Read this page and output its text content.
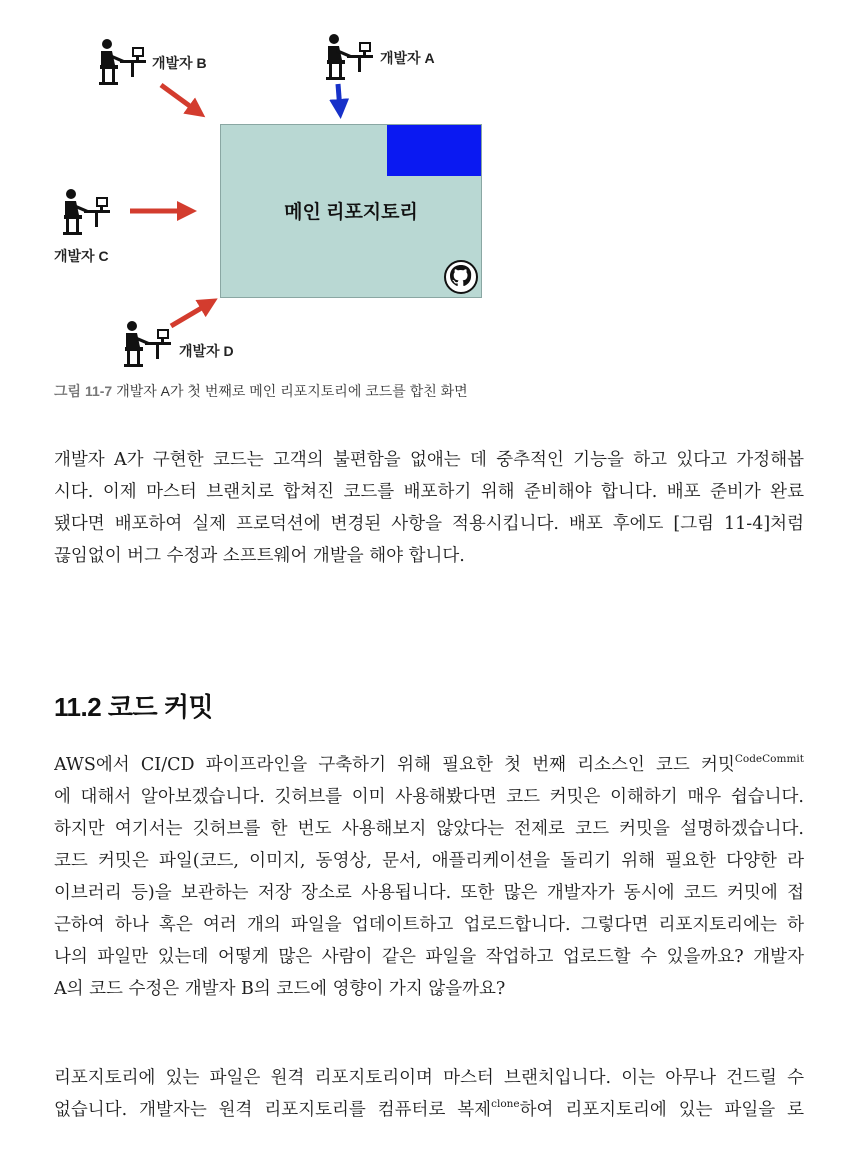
개발자 B	개발자 A
개발자 C
개발자 D
메인 리포지토리
그림 11-7 개발자 A가 첫 번째로 메인 리포지토리에 코드를 합친 화면
개발자 A가 구현한 코드는 고객의 불편함을 없애는 데 중추적인 기능을 하고 있다고 가정해봅
시다. 이제 마스터 브랜치로 합쳐진 코드를 배포하기 위해 준비해야 합니다. 배포 준비가 완료
됐다면 배포하여 실제 프로덕션에 변경된 사항을 적용시킵니다. 배포 후에도 [그림 11-4]처럼
끊임없이 버그 수정과 소프트웨어 개발을 해야 합니다.
11.2 코드 커밋
AWS에서 CI/CD 파이프라인을 구축하기 위해 필요한 첫 번째 리소스인 코드 커밋$^{CodeCommit}$
에 대해서 알아보겠습니다. 깃허브를 이미 사용해봤다면 코드 커밋은 이해하기 매우 쉽습니다.
하지만 여기서는 깃허브를 한 번도 사용해보지 않았다는 전제로 코드 커밋을 설명하겠습니다.
코드 커밋은 파일(코드, 이미지, 동영상, 문서, 애플리케이션을 돌리기 위해 필요한 다양한 라
이브러리 등)을 보관하는 저장 장소로 사용됩니다. 또한 많은 개발자가 동시에 코드 커밋에 접
근하여 하나 혹은 여러 개의 파일을 업데이트하고 업로드합니다. 그렇다면 리포지토리에는 하
나의 파일만 있는데 어떻게 많은 사람이 같은 파일을 작업하고 업로드할 수 있을까요? 개발자
A의 코드 수정은 개발자 B의 코드에 영향이 가지 않을까요?
리포지토리에 있는 파일은 원격 리포지토리이며 마스터 브랜치입니다. 이는 아무나 건드릴 수
없습니다. 개발자는 원격 리포지토리를 컴퓨터로 복제$^{clone}$하여 리포지토리에 있는 파일을 로
